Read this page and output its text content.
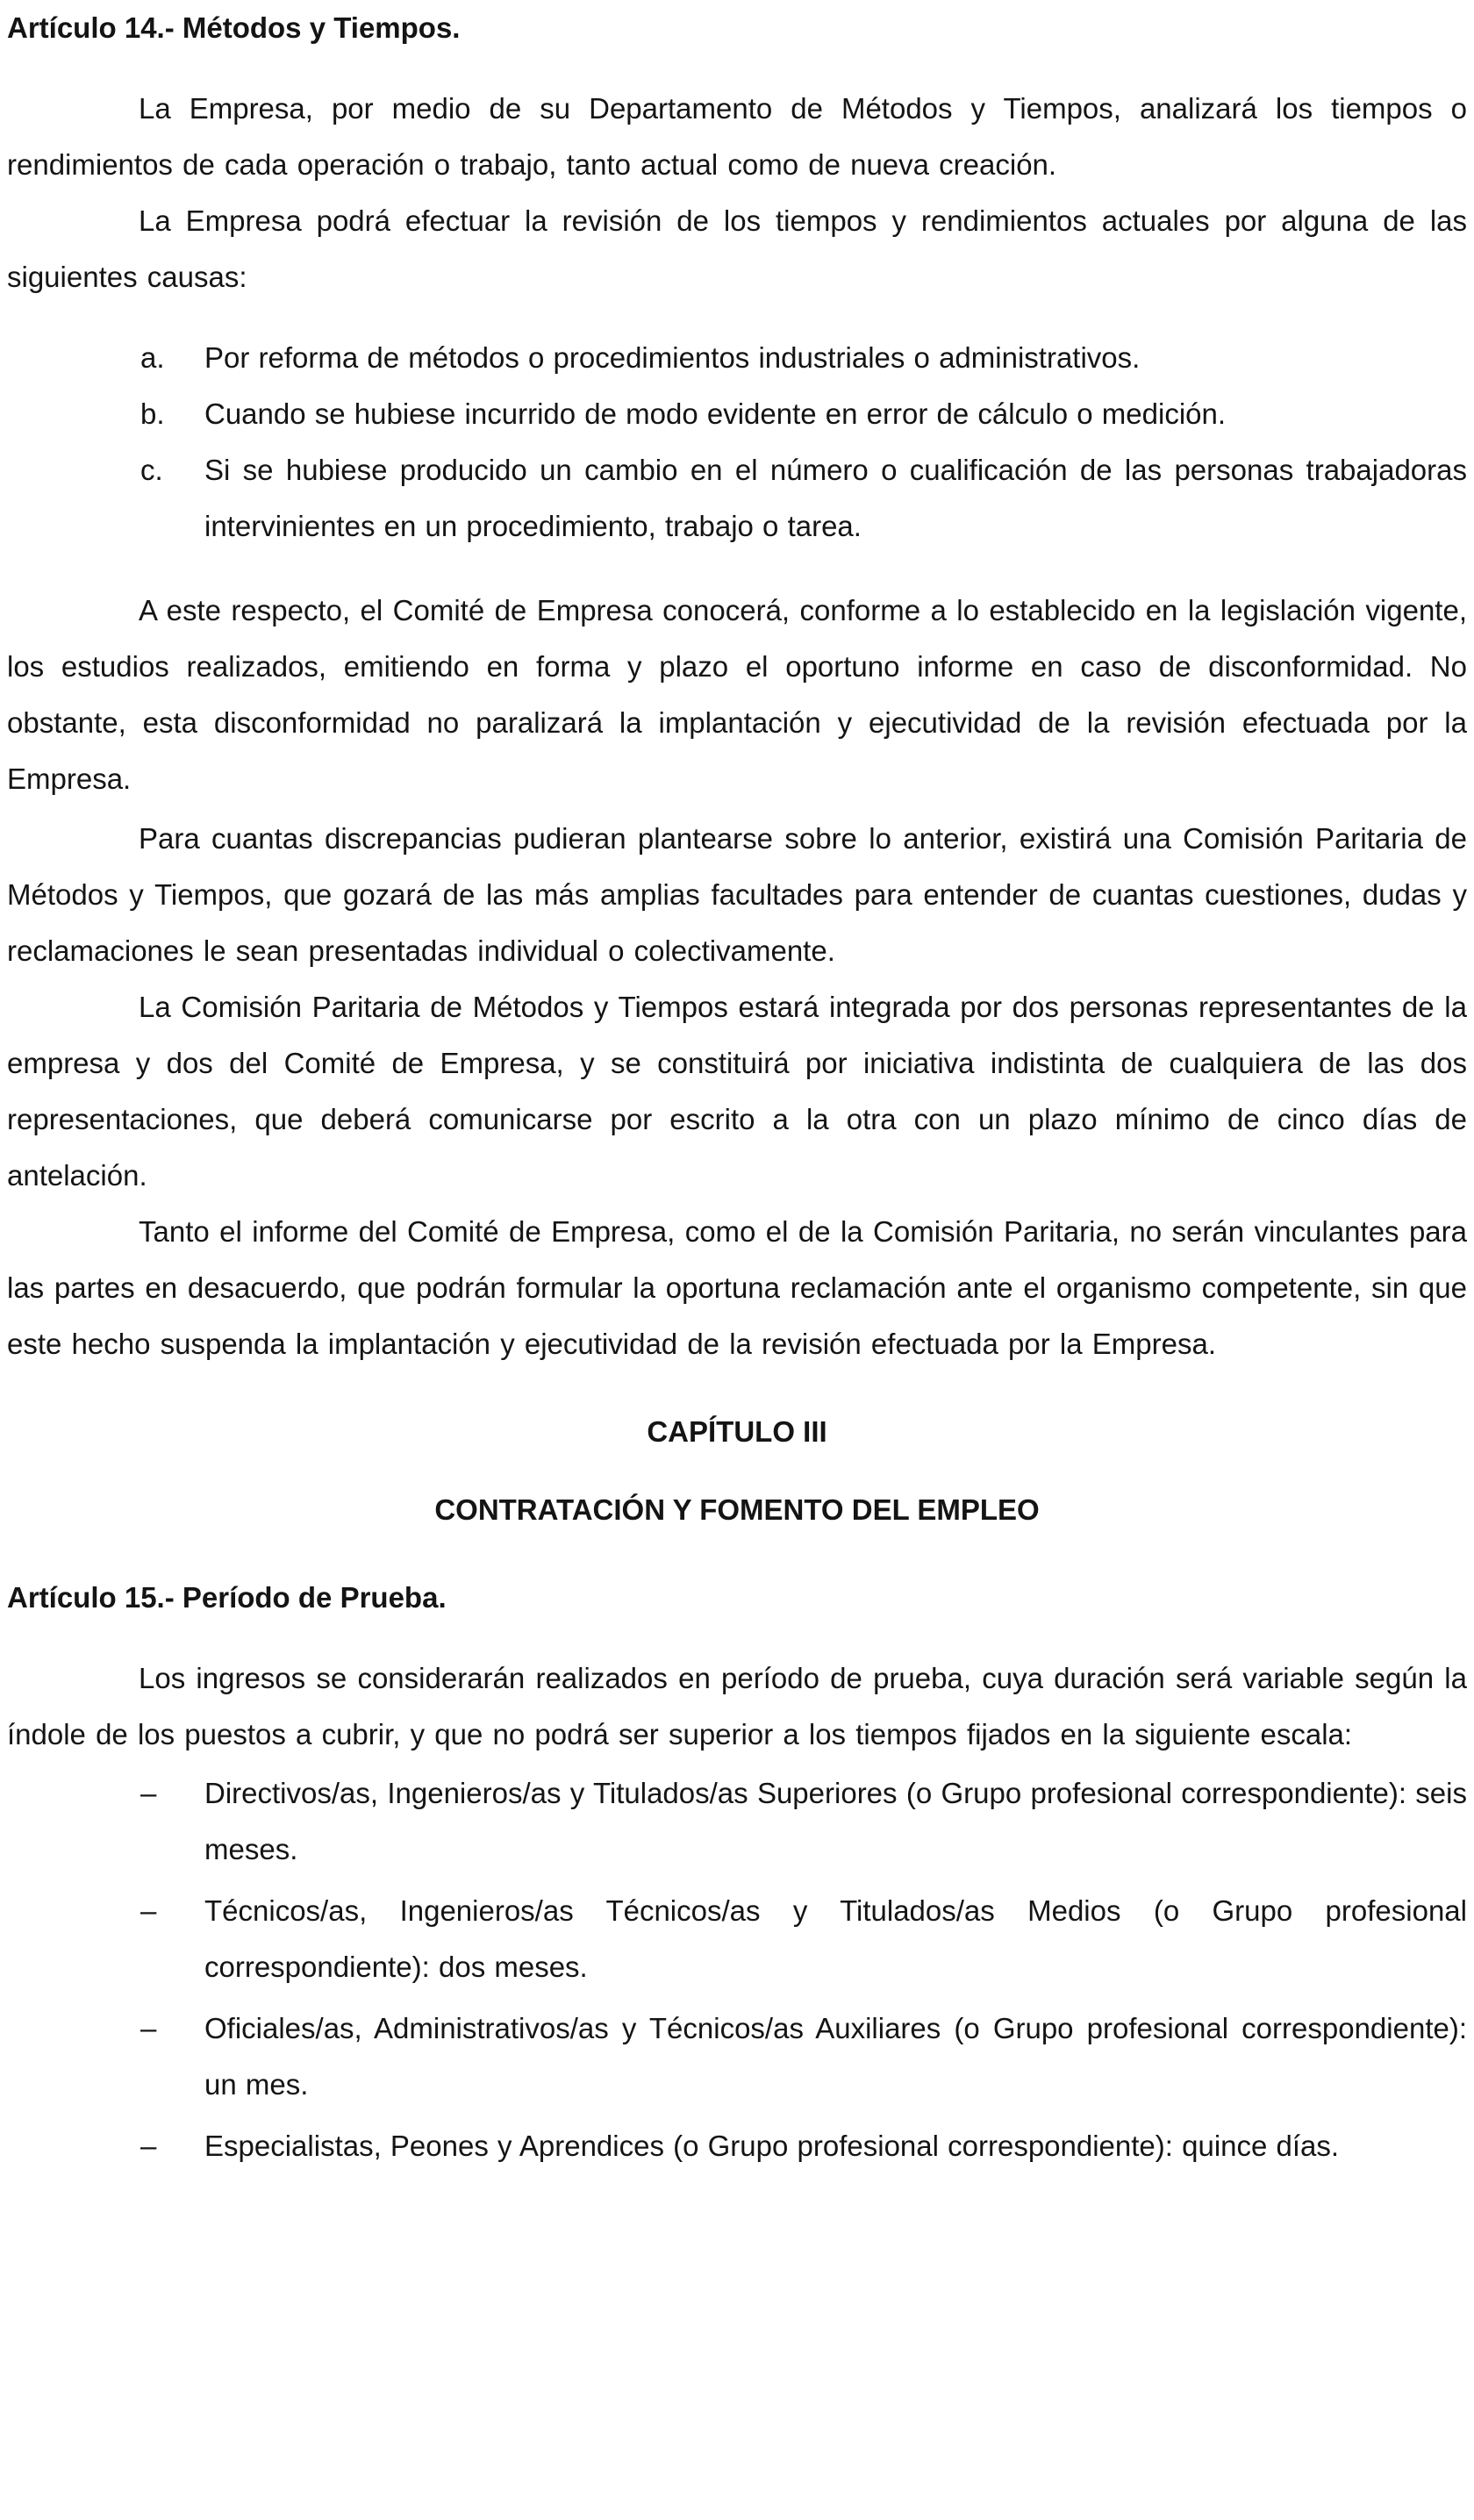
Artículo 14.- Métodos y Tiempos.

La Empresa, por medio de su Departamento de Métodos y Tiempos, analizará los tiempos o rendimientos de cada operación o trabajo, tanto actual como de nueva creación.

La Empresa podrá efectuar la revisión de los tiempos y rendimientos actuales por alguna de las siguientes causas:

a. Por reforma de métodos o procedimientos industriales o administrativos.
b. Cuando se hubiese incurrido de modo evidente en error de cálculo o medición.
c. Si se hubiese producido un cambio en el número o cualificación de las personas trabajadoras intervinientes en un procedimiento, trabajo o tarea.

A este respecto, el Comité de Empresa conocerá, conforme a lo establecido en la legislación vigente, los estudios realizados, emitiendo en forma y plazo el oportuno informe en caso de disconformidad. No obstante, esta disconformidad no paralizará la implantación y ejecutividad de la revisión efectuada por la Empresa.

Para cuantas discrepancias pudieran plantearse sobre lo anterior, existirá una Comisión Paritaria de Métodos y Tiempos, que gozará de las más amplias facultades para entender de cuantas cuestiones, dudas y reclamaciones le sean presentadas individual o colectivamente.

La Comisión Paritaria de Métodos y Tiempos estará integrada por dos personas representantes de la empresa y dos del Comité de Empresa, y se constituirá por iniciativa indistinta de cualquiera de las dos representaciones, que deberá comunicarse por escrito a la otra con un plazo mínimo de cinco días de antelación.

Tanto el informe del Comité de Empresa, como el de la Comisión Paritaria, no serán vinculantes para las partes en desacuerdo, que podrán formular la oportuna reclamación ante el organismo competente, sin que este hecho suspenda la implantación y ejecutividad de la revisión efectuada por la Empresa.

CAPÍTULO III
CONTRATACIÓN Y FOMENTO DEL EMPLEO
Artículo 15.- Período de Prueba.

Los ingresos se considerarán realizados en período de prueba, cuya duración será variable según la índole de los puestos a cubrir, y que no podrá ser superior a los tiempos fijados en la siguiente escala:

– Directivos/as, Ingenieros/as y Titulados/as Superiores (o Grupo profesional correspondiente): seis meses.
– Técnicos/as, Ingenieros/as Técnicos/as y Titulados/as Medios (o Grupo profesional correspondiente): dos meses.
– Oficiales/as, Administrativos/as y Técnicos/as Auxiliares (o Grupo profesional correspondiente): un mes.
– Especialistas, Peones y Aprendices (o Grupo profesional correspondiente): quince días.
